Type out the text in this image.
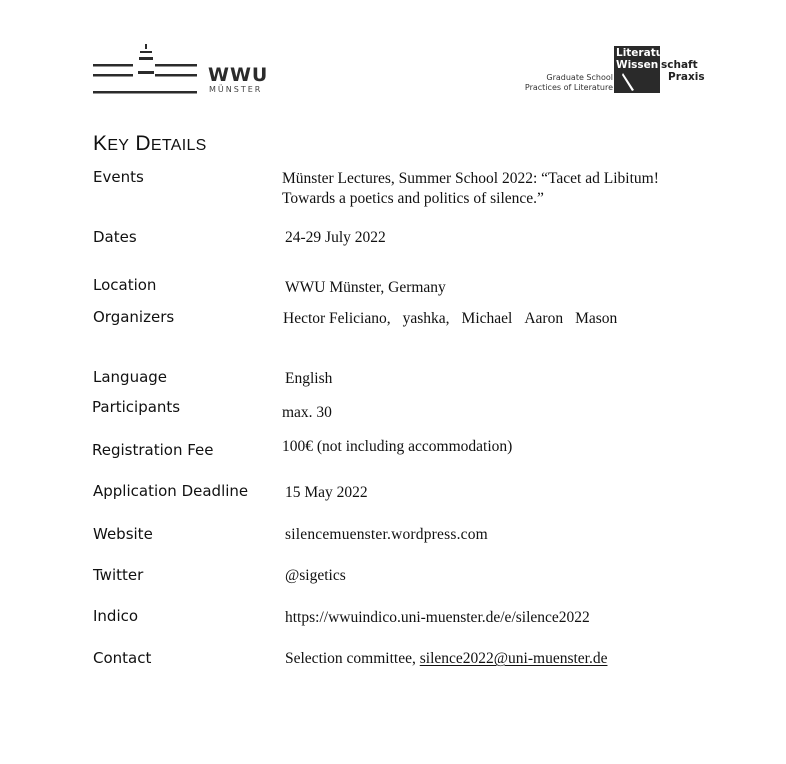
WWU
MÜNSTER
Graduate School
Practices of Literature
Literatur
Wissen schaft
Praxis
KEY DETAILS
Events	Münster Lectures, Summer School 2022: “Tacet ad Libitum!
Towards a poetics and politics of silence.”
Dates	24-29 July 2022
Location	WWU Münster, Germany
Organizers	Hector Feliciano, yashka, Michael Aaron Mason
Language	English
Participants	max. 30
Registration Fee	100€ (not including accommodation)
Application Deadline 15 May 2022
Website	silencemuenster.wordpress.com
Twitter	@sigetics
Indico	https://wwuindico.uni-muenster.de/e/silence2022
Contact	Selection committee, silence2022@uni-muenster.de
